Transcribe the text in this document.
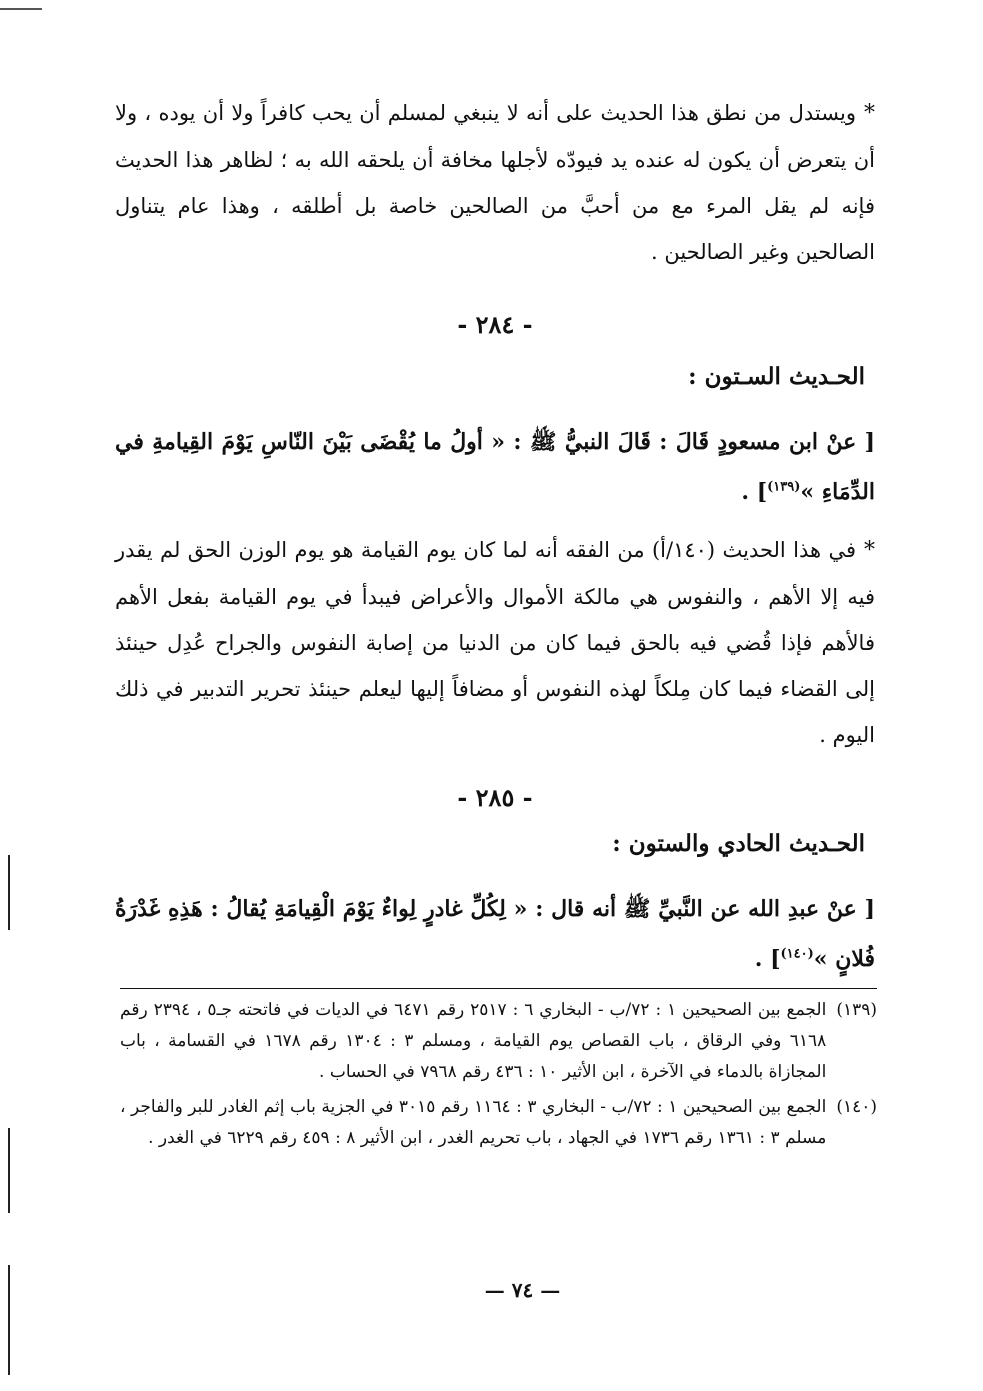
*ويستدل من نطق هذا الحديث على أنه لا ينبغي لمسلم أن يحب كافراً ولا أن يوده ، ولا أن يتعرض أن يكون له عنده يد فيودّه لأجلها مخافة أن يلحقه الله به ؛ لظاهر هذا الحديث فإنه لم يقل المرء مع من أحبَّ من الصالحين خاصة بل أطلقه ، وهذا عام يتناول الصالحين وغير الصالحين .

- ٢٨٤ -

الحـديث السـتون :

[ عنْ ابن مسعودٍ قَالَ : قَالَ النبيُّ ﷺ : « أولُ ما يُقْضَى بَيْنَ النّاسِ يَوْمَ القِيامةِ في الدِّمَاءِ »$^{(١٣٩)}$] .

*في هذا الحديث (١٤٠/أ) من الفقه أنه لما كان يوم القيامة هو يوم الوزن الحق لم يقدر فيه إلا الأهم ، والنفوس هي مالكة الأموال والأعراض فيبدأ في يوم القيامة بفعل الأهم فالأهم فإذا قُضي فيه بالحق فيما كان من الدنيا من إصابة النفوس والجراح عُدِل حينئذ إلى القضاء فيما كان مِلكاً لهذه النفوس أو مضافاً إليها ليعلم حينئذ تحرير التدبير في ذلك اليوم .

- ٢٨٥ -

الحـديث الحادي والستون :

[ عنْ عبدِ الله عن النَّبيِّ ﷺ أنه قال : « لِكُلِّ غادرٍ لِواءٌ يَوْمَ الْقِيامَةِ يُقالُ : هَذِهِ غَدْرَةُ فُلانٍ »$^{(١٤٠)}$] .

(١٣٩)
الجمع بين الصحيحين ١ : ٧٢/ب - البخاري ٦ : ٢٥١٧ رقم ٦٤٧١ في الديات في فاتحته جـ٥ ، ٢٣٩٤ رقم ٦١٦٨ وفي الرقاق ، باب القصاص يوم القيامة ، ومسلم ٣ : ١٣٠٤ رقم ١٦٧٨ في القسامة ، باب المجازاة بالدماء في الآخرة ، ابن الأثير ١٠ : ٤٣٦ رقم ٧٩٦٨ في الحساب .

(١٤٠)
الجمع بين الصحيحين ١ : ٧٢/ب - البخاري ٣ : ١١٦٤ رقم ٣٠١٥ في الجزية باب إثم الغادر للبر والفاجر ، مسلم ٣ : ١٣٦١ رقم ١٧٣٦ في الجهاد ، باب تحريم الغدر ، ابن الأثير ٨ : ٤٥٩ رقم ٦٢٢٩ في الغدر .

— ٧٤ —
